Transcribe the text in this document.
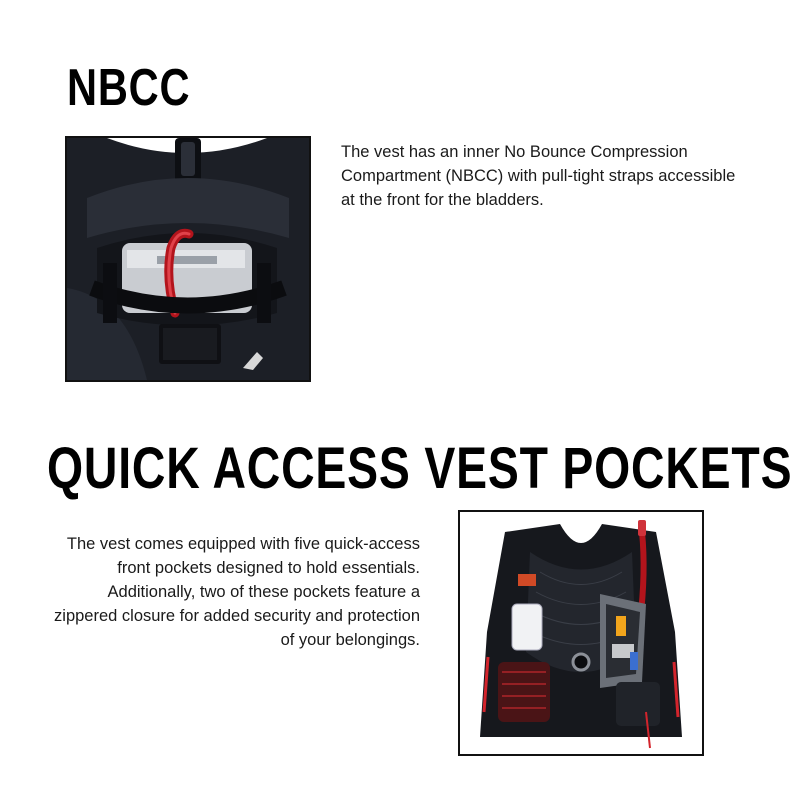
NBCC

The vest has an inner No Bounce Compression Compartment (NBCC) with pull-tight straps accessible at the front for the bladders.

QUICK ACCESS VEST POCKETS

The vest comes equipped with five quick-access front pockets designed to hold essentials. Additionally, two of these pockets feature a zippered closure for added security and protection of your belongings.
